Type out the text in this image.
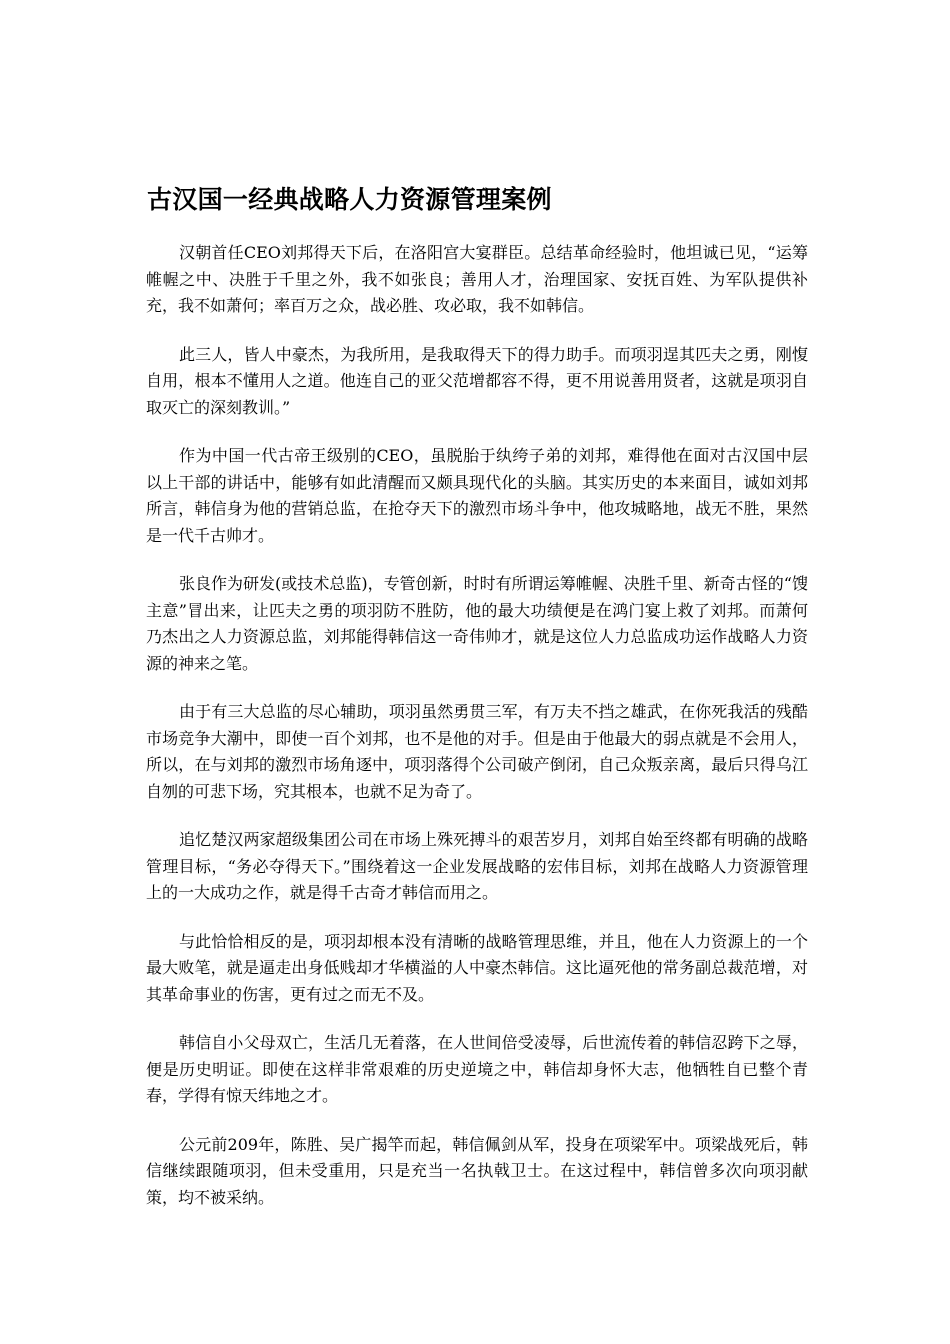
古汉国一经典战略人力资源管理案例

汉朝首任CEO刘邦得天下后，在洛阳宫大宴群臣。总结革命经验时，他坦诚已见，“运筹帷幄之中、决胜于千里之外，我不如张良；善用人才，治理国家、安抚百姓、为军队提供补充，我不如萧何；率百万之众，战必胜、攻必取，我不如韩信。

此三人，皆人中豪杰，为我所用，是我取得天下的得力助手。而项羽逞其匹夫之勇，刚愎自用，根本不懂用人之道。他连自己的亚父范增都容不得，更不用说善用贤者，这就是项羽自取灭亡的深刻教训。”

作为中国一代古帝王级别的CEO，虽脱胎于纨绔子弟的刘邦，难得他在面对古汉国中层以上干部的讲话中，能够有如此清醒而又颇具现代化的头脑。其实历史的本来面目，诚如刘邦所言，韩信身为他的营销总监，在抢夺天下的激烈市场斗争中，他攻城略地，战无不胜，果然是一代千古帅才。

张良作为研发(或技术总监)，专管创新，时时有所谓运筹帷幄、决胜千里、新奇古怪的“馊主意”冒出来，让匹夫之勇的项羽防不胜防，他的最大功绩便是在鸿门宴上救了刘邦。而萧何乃杰出之人力资源总监，刘邦能得韩信这一奇伟帅才，就是这位人力总监成功运作战略人力资源的神来之笔。

由于有三大总监的尽心辅助，项羽虽然勇贯三军，有万夫不挡之雄武，在你死我活的残酷市场竞争大潮中，即使一百个刘邦，也不是他的对手。但是由于他最大的弱点就是不会用人，所以，在与刘邦的激烈市场角逐中，项羽落得个公司破产倒闭，自己众叛亲离，最后只得乌江自刎的可悲下场，究其根本，也就不足为奇了。

追忆楚汉两家超级集团公司在市场上殊死搏斗的艰苦岁月，刘邦自始至终都有明确的战略管理目标，“务必夺得天下。”围绕着这一企业发展战略的宏伟目标，刘邦在战略人力资源管理上的一大成功之作，就是得千古奇才韩信而用之。

与此恰恰相反的是，项羽却根本没有清晰的战略管理思维，并且，他在人力资源上的一个最大败笔，就是逼走出身低贱却才华横溢的人中豪杰韩信。这比逼死他的常务副总裁范增，对其革命事业的伤害，更有过之而无不及。

韩信自小父母双亡，生活几无着落，在人世间倍受凌辱，后世流传着的韩信忍跨下之辱，便是历史明证。即使在这样非常艰难的历史逆境之中，韩信却身怀大志，他牺牲自已整个青春，学得有惊天纬地之才。

公元前209年，陈胜、吴广揭竿而起，韩信佩剑从军，投身在项梁军中。项梁战死后，韩信继续跟随项羽，但未受重用，只是充当一名执戟卫士。在这过程中，韩信曾多次向项羽献策，均不被采纳。
